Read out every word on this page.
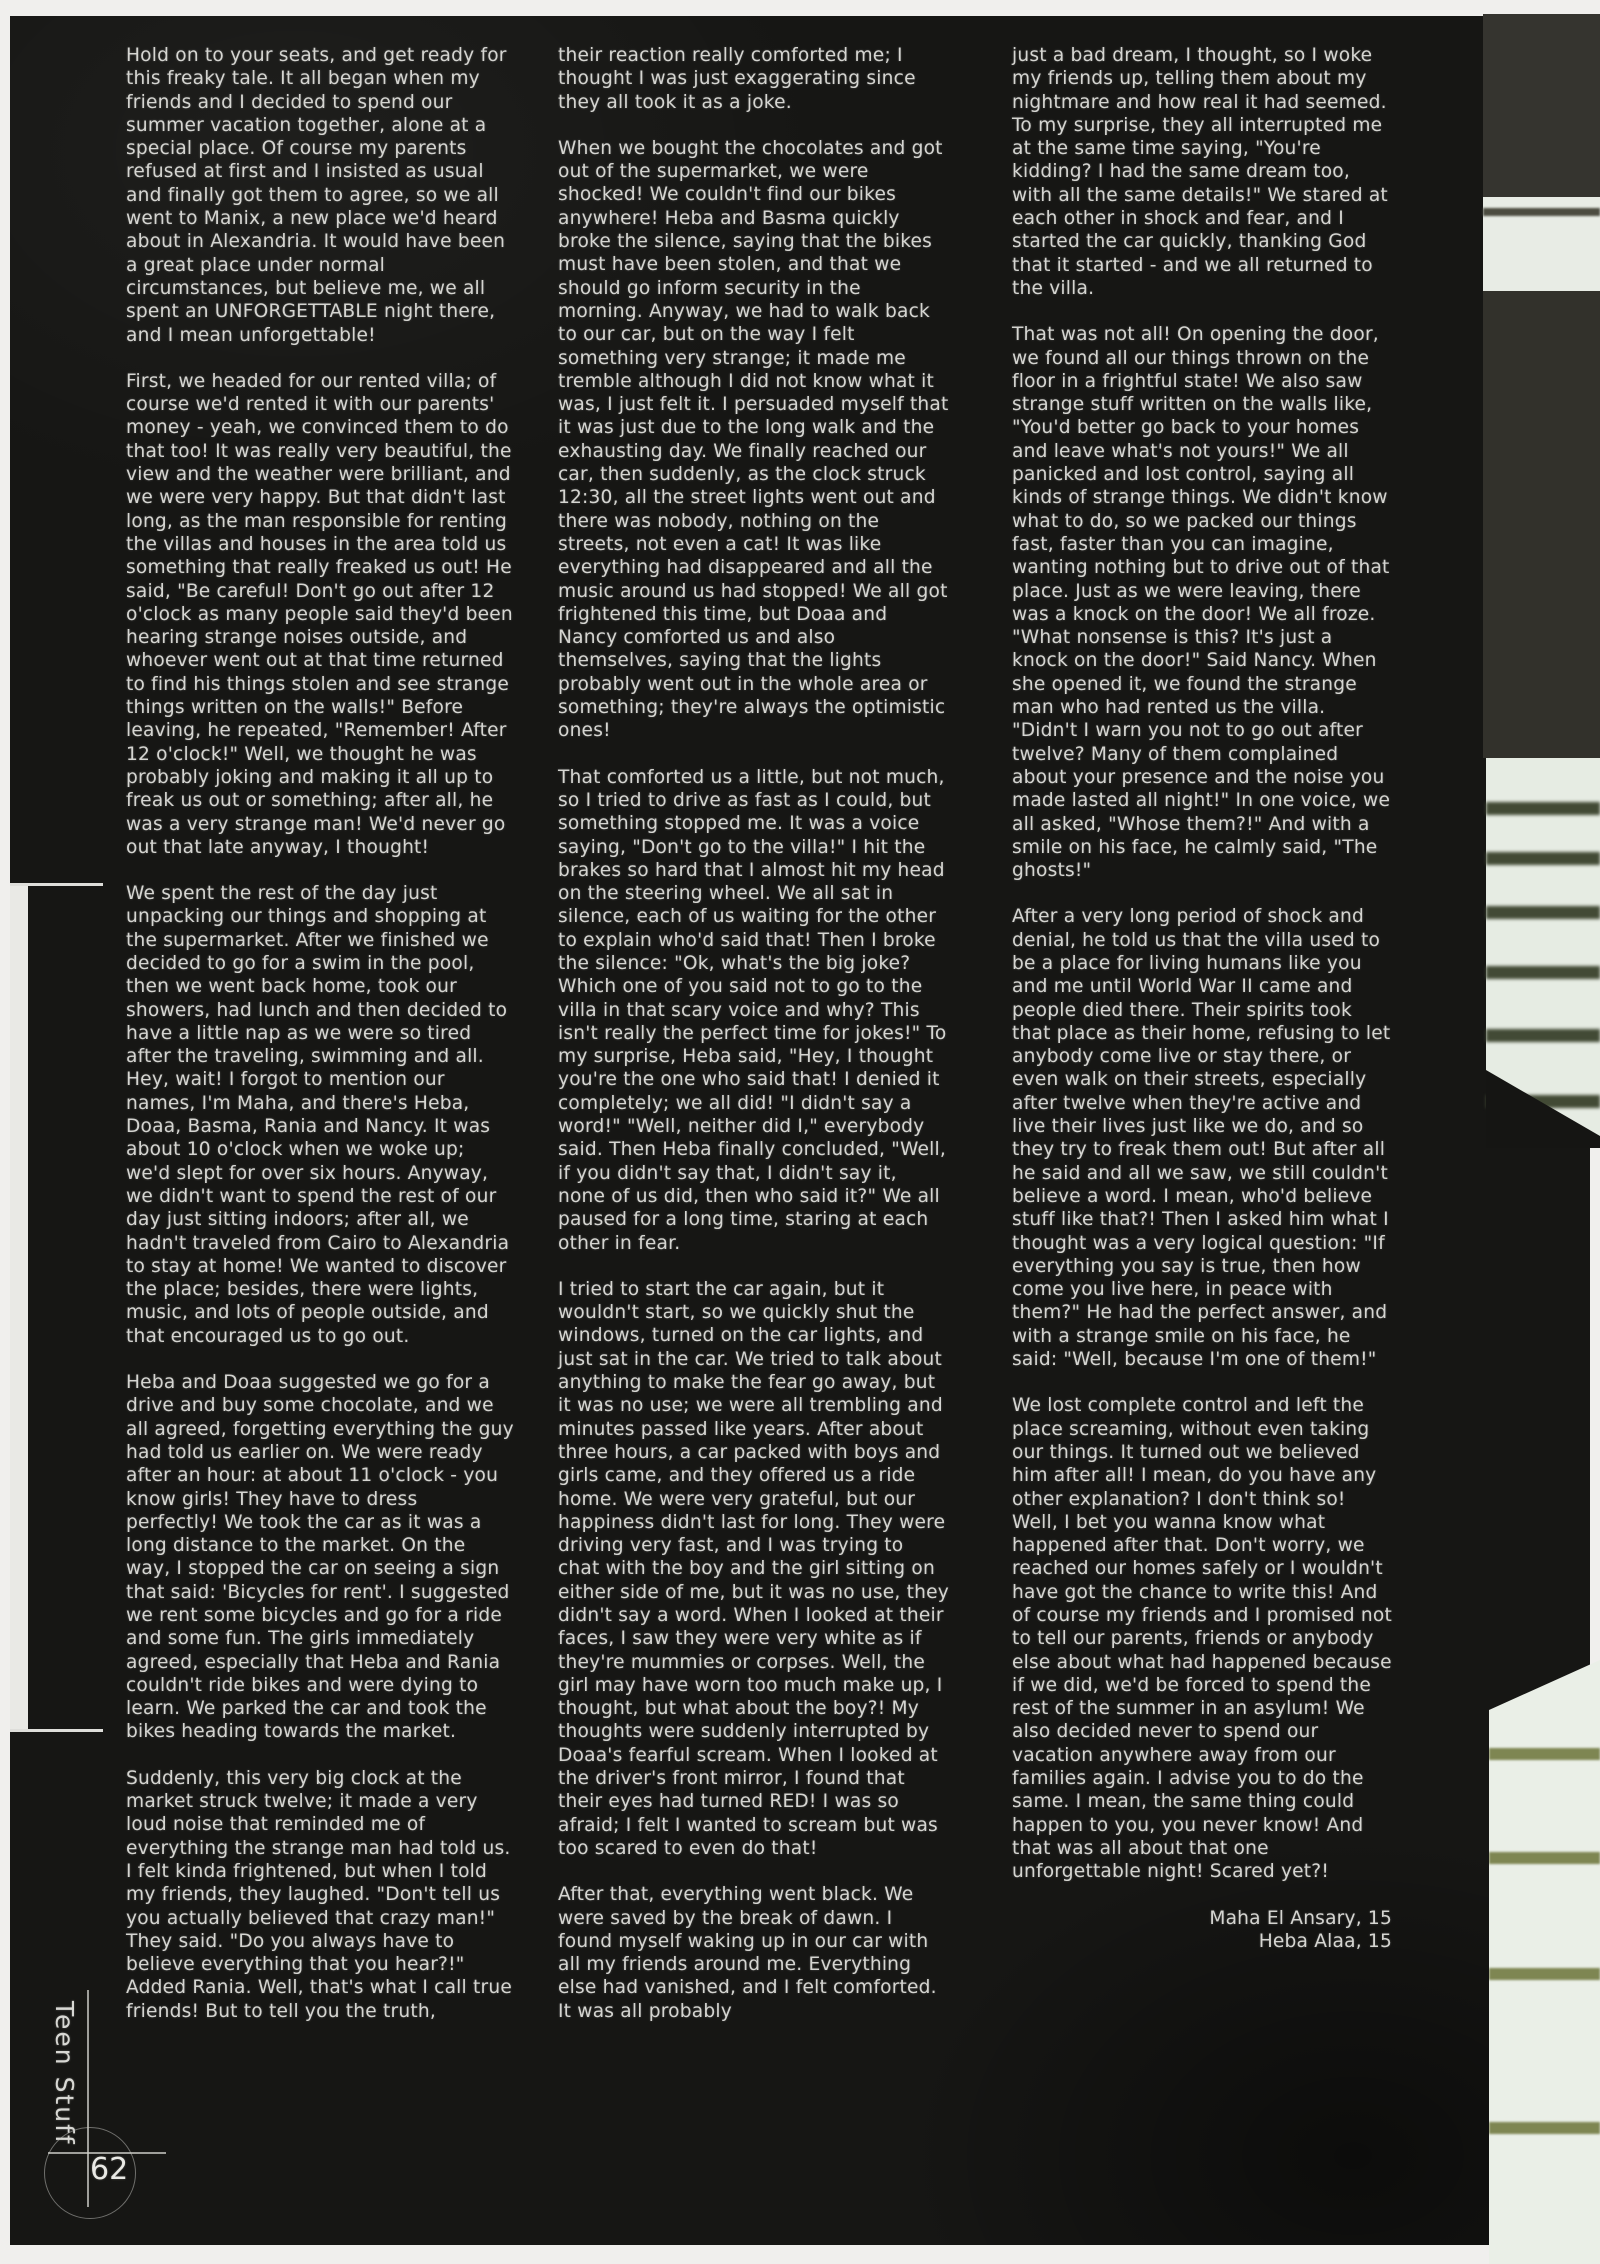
Hold on to your seats, and get ready for this freaky tale. It all began when my friends and I decided to spend our summer vacation together, alone at a special place. Of course my parents refused at first and I insisted as usual and finally got them to agree, so we all went to Manix, a new place we'd heard about in Alexandria. It would have been a great place under normal circumstances, but believe me, we all spent an UNFORGETTABLE night there, and I mean unforgettable!

First, we headed for our rented villa; of course we'd rented it with our parents' money - yeah, we convinced them to do that too! It was really very beautiful, the view and the weather were brilliant, and we were very happy. But that didn't last long, as the man responsible for renting the villas and houses in the area told us something that really freaked us out! He said, "Be careful! Don't go out after 12 o'clock as many people said they'd been hearing strange noises outside, and whoever went out at that time returned to find his things stolen and see strange things written on the walls!" Before leaving, he repeated, "Remember! After 12 o'clock!" Well, we thought he was probably joking and making it all up to freak us out or something; after all, he was a very strange man! We'd never go out that late anyway, I thought!

We spent the rest of the day just unpacking our things and shopping at the supermarket. After we finished we decided to go for a swim in the pool, then we went back home, took our showers, had lunch and then decided to have a little nap as we were so tired after the traveling, swimming and all. Hey, wait! I forgot to mention our names, I'm Maha, and there's Heba, Doaa, Basma, Rania and Nancy. It was about 10 o'clock when we woke up; we'd slept for over six hours. Anyway, we didn't want to spend the rest of our day just sitting indoors; after all, we hadn't traveled from Cairo to Alexandria to stay at home! We wanted to discover the place; besides, there were lights, music, and lots of people outside, and that encouraged us to go out.

Heba and Doaa suggested we go for a drive and buy some chocolate, and we all agreed, forgetting everything the guy had told us earlier on. We were ready after an hour: at about 11 o'clock - you know girls! They have to dress perfectly! We took the car as it was a long distance to the market. On the way, I stopped the car on seeing a sign that said: 'Bicycles for rent'. I suggested we rent some bicycles and go for a ride and some fun. The girls immediately agreed, especially that Heba and Rania couldn't ride bikes and were dying to learn. We parked the car and took the bikes heading towards the market.

Suddenly, this very big clock at the market struck twelve; it made a very loud noise that reminded me of everything the strange man had told us. I felt kinda frightened, but when I told my friends, they laughed. "Don't tell us you actually believed that crazy man!" They said. "Do you always have to believe everything that you hear?!" Added Rania. Well, that's what I call true friends! But to tell you the truth,

their reaction really comforted me; I thought I was just exaggerating since they all took it as a joke.

When we bought the chocolates and got out of the supermarket, we were shocked! We couldn't find our bikes anywhere! Heba and Basma quickly broke the silence, saying that the bikes must have been stolen, and that we should go inform security in the morning. Anyway, we had to walk back to our car, but on the way I felt something very strange; it made me tremble although I did not know what it was, I just felt it. I persuaded myself that it was just due to the long walk and the exhausting day. We finally reached our car, then suddenly, as the clock struck 12:30, all the street lights went out and there was nobody, nothing on the streets, not even a cat! It was like everything had disappeared and all the music around us had stopped! We all got frightened this time, but Doaa and Nancy comforted us and also themselves, saying that the lights probably went out in the whole area or something; they're always the optimistic ones!

That comforted us a little, but not much, so I tried to drive as fast as I could, but something stopped me. It was a voice saying, "Don't go to the villa!" I hit the brakes so hard that I almost hit my head on the steering wheel. We all sat in silence, each of us waiting for the other to explain who'd said that! Then I broke the silence: "Ok, what's the big joke? Which one of you said not to go to the villa in that scary voice and why? This isn't really the perfect time for jokes!" To my surprise, Heba said, "Hey, I thought you're the one who said that! I denied it completely; we all did! "I didn't say a word!" "Well, neither did I," everybody said. Then Heba finally concluded, "Well, if you didn't say that, I didn't say it, none of us did, then who said it?" We all paused for a long time, staring at each other in fear.

I tried to start the car again, but it wouldn't start, so we quickly shut the windows, turned on the car lights, and just sat in the car. We tried to talk about anything to make the fear go away, but it was no use; we were all trembling and minutes passed like years. After about three hours, a car packed with boys and girls came, and they offered us a ride home. We were very grateful, but our happiness didn't last for long. They were driving very fast, and I was trying to chat with the boy and the girl sitting on either side of me, but it was no use, they didn't say a word. When I looked at their faces, I saw they were very white as if they're mummies or corpses. Well, the girl may have worn too much make up, I thought, but what about the boy?! My thoughts were suddenly interrupted by Doaa's fearful scream. When I looked at the driver's front mirror, I found that their eyes had turned RED! I was so afraid; I felt I wanted to scream but was too scared to even do that!

After that, everything went black. We were saved by the break of dawn. I found myself waking up in our car with all my friends around me. Everything else had vanished, and I felt comforted. It was all probably

just a bad dream, I thought, so I woke my friends up, telling them about my nightmare and how real it had seemed. To my surprise, they all interrupted me at the same time saying, "You're kidding? I had the same dream too, with all the same details!" We stared at each other in shock and fear, and I started the car quickly, thanking God that it started - and we all returned to the villa.

That was not all! On opening the door, we found all our things thrown on the floor in a frightful state! We also saw strange stuff written on the walls like, "You'd better go back to your homes and leave what's not yours!" We all panicked and lost control, saying all kinds of strange things. We didn't know what to do, so we packed our things fast, faster than you can imagine, wanting nothing but to drive out of that place. Just as we were leaving, there was a knock on the door! We all froze. "What nonsense is this? It's just a knock on the door!" Said Nancy. When she opened it, we found the strange man who had rented us the villa. "Didn't I warn you not to go out after twelve? Many of them complained about your presence and the noise you made lasted all night!" In one voice, we all asked, "Whose them?!" And with a smile on his face, he calmly said, "The ghosts!"

After a very long period of shock and denial, he told us that the villa used to be a place for living humans like you and me until World War II came and people died there. Their spirits took that place as their home, refusing to let anybody come live or stay there, or even walk on their streets, especially after twelve when they're active and live their lives just like we do, and so they try to freak them out! But after all he said and all we saw, we still couldn't believe a word. I mean, who'd believe stuff like that?! Then I asked him what I thought was a very logical question: "If everything you say is true, then how come you live here, in peace with them?" He had the perfect answer, and with a strange smile on his face, he said: "Well, because I'm one of them!"

We lost complete control and left the place screaming, without even taking our things. It turned out we believed him after all! I mean, do you have any other explanation? I don't think so! Well, I bet you wanna know what happened after that. Don't worry, we reached our homes safely or I wouldn't have got the chance to write this! And of course my friends and I promised not to tell our parents, friends or anybody else about what had happened because if we did, we'd be forced to spend the rest of the summer in an asylum! We also decided never to spend our vacation anywhere away from our families again. I advise you to do the same. I mean, the same thing could happen to you, you never know! And that was all about that one unforgettable night! Scared yet?!

Maha El Ansary, 15
Heba Alaa, 15
Teen Stuff
62
